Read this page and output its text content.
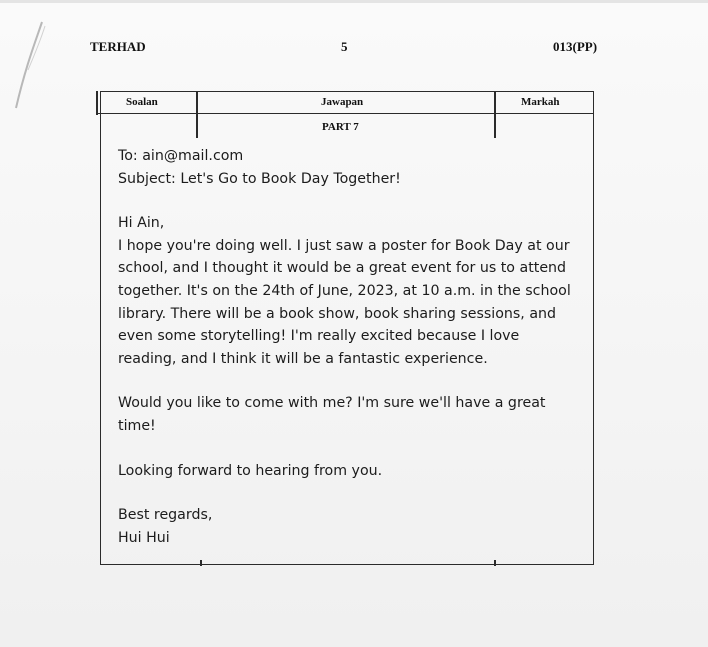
TERHAD	5	013(PP)
Soalan	Jawapan	Markah
PART 7

To: ain@mail.com

Subject: Let's Go to Book Day Together!

Hi Ain,

I hope you're doing well. I just saw a poster for Book Day at our

school, and I thought it would be a great event for us to attend

together. It's on the 24th of June, 2023, at 10 a.m. in the school

library. There will be a book show, book sharing sessions, and

even some storytelling! I'm really excited because I love

reading, and I think it will be a fantastic experience.

Would you like to come with me? I'm sure we'll have a great

time!

Looking forward to hearing from you.

Best regards,

Hui Hui
